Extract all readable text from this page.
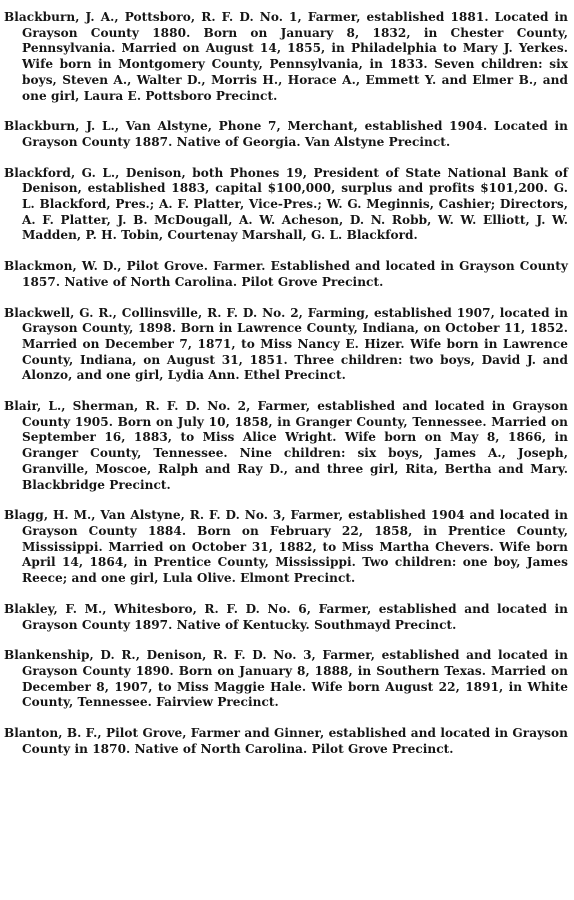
Blackburn, J. A., Pottsboro, R. F. D. No. 1, Farmer, established 1881. Located in Grayson County 1880. Born on January 8, 1832, in Chester County, Pennsylvania. Married on August 14, 1855, in Philadelphia to Mary J. Yerkes. Wife born in Montgomery County, Pennsylvania, in 1833. Seven children: six boys, Steven A., Walter D., Morris H., Horace A., Emmett Y. and Elmer B., and one girl, Laura E. Pottsboro Precinct.

Blackburn, J. L., Van Alstyne, Phone 7, Merchant, established 1904. Located in Grayson County 1887. Native of Georgia. Van Alstyne Precinct.

Blackford, G. L., Denison, both Phones 19, President of State National Bank of Denison, established 1883, capital $100,000, surplus and profits $101,200. G. L. Blackford, Pres.; A. F. Platter, Vice-Pres.; W. G. Meginnis, Cashier; Directors, A. F. Platter, J. B. McDougall, A. W. Acheson, D. N. Robb, W. W. Elliott, J. W. Madden, P. H. Tobin, Courtenay Marshall, G. L. Blackford.

Blackmon, W. D., Pilot Grove. Farmer. Established and located in Grayson County 1857. Native of North Carolina. Pilot Grove Precinct.

Blackwell, G. R., Collinsville, R. F. D. No. 2, Farming, established 1907, located in Grayson County, 1898. Born in Lawrence County, Indiana, on October 11, 1852. Married on December 7, 1871, to Miss Nancy E. Hizer. Wife born in Lawrence County, Indiana, on August 31, 1851. Three children: two boys, David J. and Alonzo, and one girl, Lydia Ann. Ethel Precinct.

Blair, L., Sherman, R. F. D. No. 2, Farmer, established and located in Grayson County 1905. Born on July 10, 1858, in Granger County, Tennessee. Married on September 16, 1883, to Miss Alice Wright. Wife born on May 8, 1866, in Granger County, Tennessee. Nine children: six boys, James A., Joseph, Granville, Moscoe, Ralph and Ray D., and three girl, Rita, Bertha and Mary. Blackbridge Precinct.

Blagg, H. M., Van Alstyne, R. F. D. No. 3, Farmer, established 1904 and located in Grayson County 1884. Born on February 22, 1858, in Prentice County, Mississippi. Married on October 31, 1882, to Miss Martha Chevers. Wife born April 14, 1864, in Prentice County, Mississippi. Two children: one boy, James Reece; and one girl, Lula Olive. Elmont Precinct.

Blakley, F. M., Whitesboro, R. F. D. No. 6, Farmer, established and located in Grayson County 1897. Native of Kentucky. Southmayd Precinct.

Blankenship, D. R., Denison, R. F. D. No. 3, Farmer, established and located in Grayson County 1890. Born on January 8, 1888, in Southern Texas. Married on December 8, 1907, to Miss Maggie Hale. Wife born August 22, 1891, in White County, Tennessee. Fairview Precinct.

Blanton, B. F., Pilot Grove, Farmer and Ginner, established and located in Grayson County in 1870. Native of North Carolina. Pilot Grove Precinct.
